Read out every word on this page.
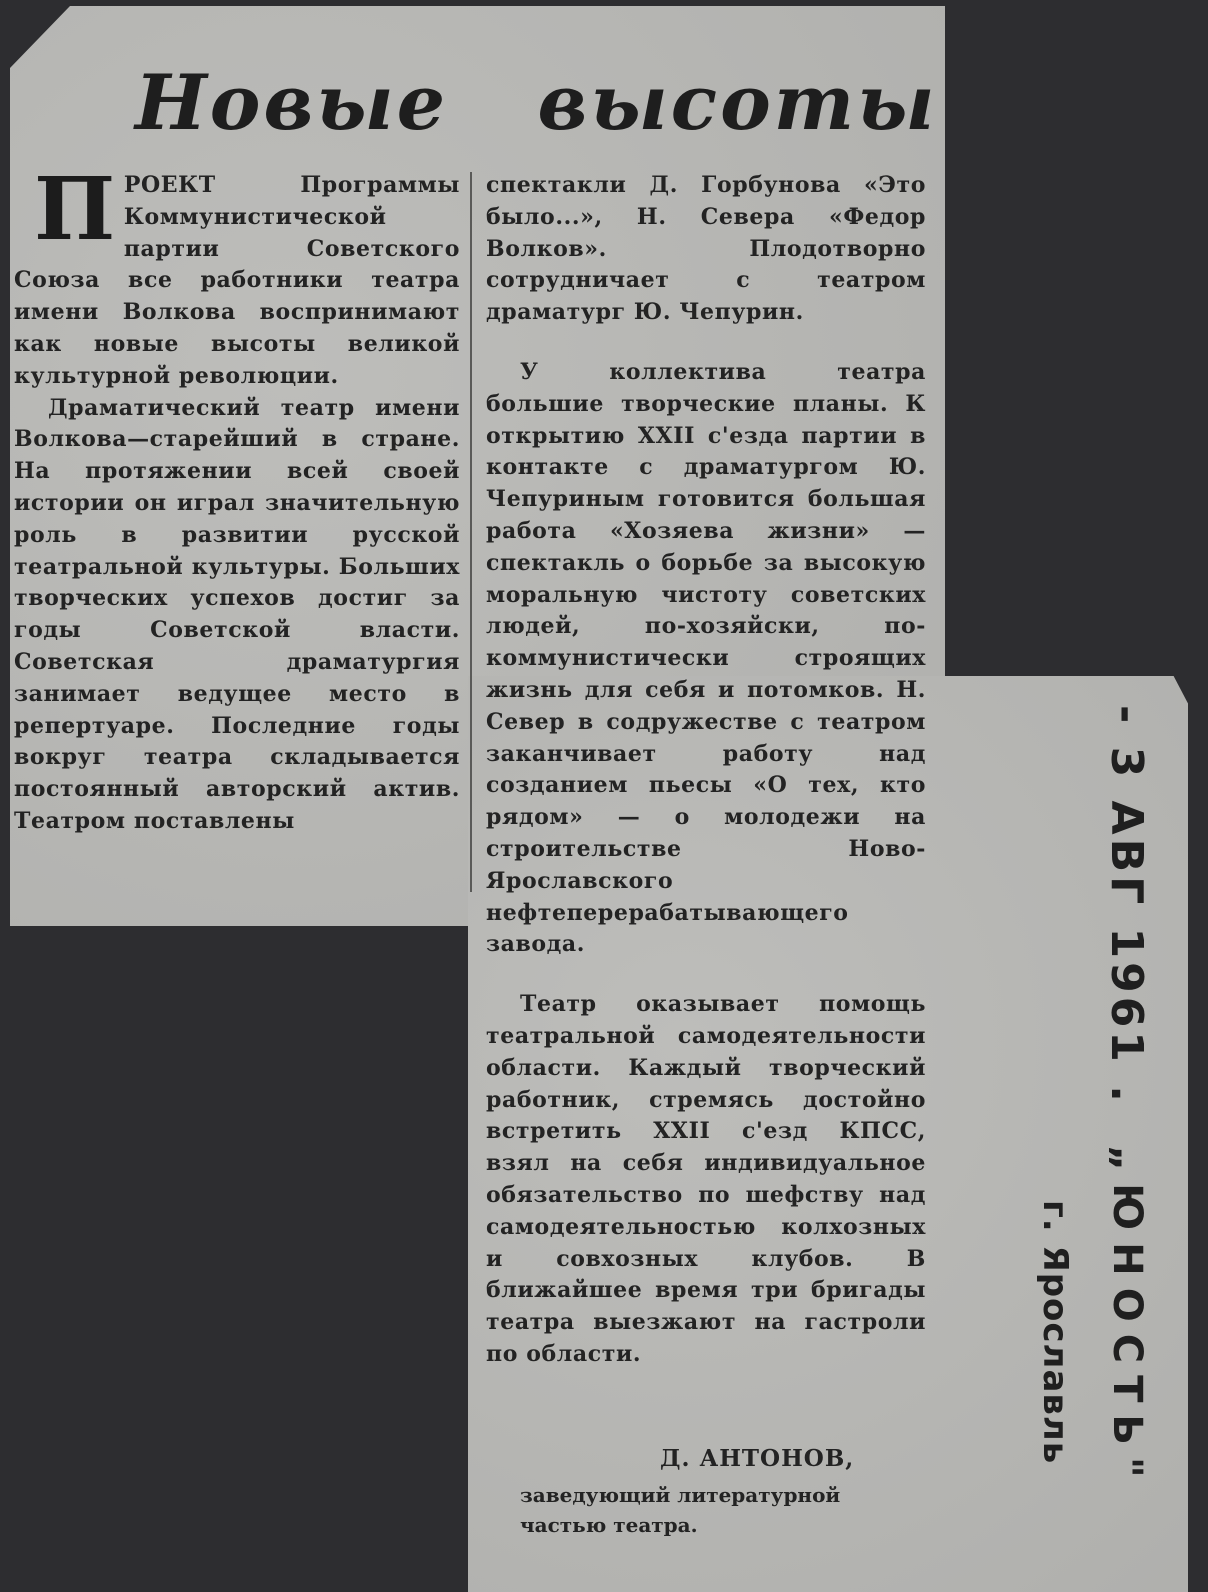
Новые высоты
П РОЕКТ Программы Коммунистической партии Советского Союза все работники театра имени Волкова воспринимают как новые высоты великой культурной революции.

Драматический театр имени Волкова—старейший в стране. На протяжении всей своей истории он играл значительную роль в развитии русской театральной культуры. Больших творческих успехов достиг за годы Советской власти. Советская драматургия занимает ведущее место в репертуаре. Последние годы вокруг театра складывается постоянный авторский актив. Театром поставлены

спектакли Д. Горбунова «Это было...», Н. Севера «Федор Волков». Плодотворно сотрудничает с театром драматург Ю. Чепурин.

У коллектива театра большие творческие планы. К открытию XXII с'езда партии в контакте с драматургом Ю. Чепуриным готовится большая работа «Хозяева жизни» — спектакль о борьбе за высокую моральную чистоту советских людей, по-хозяйски, по-коммунистически строящих жизнь для себя и потомков. Н. Север в содружестве с театром заканчивает работу над созданием пьесы «О тех, кто рядом» — о молодежи на строительстве Ново-Ярославского нефтеперерабатывающего завода.

Театр оказывает помощь театральной самодеятельности области. Каждый творческий работник, стремясь достойно встретить XXII с'езд КПСС, взял на себя индивидуальное обязательство по шефству над самодеятельностью колхозных и совхозных клубов. В ближайшее время три бригады театра выезжают на гастроли по области.

Д. АНТОНОВ,
заведующий литературной частью театра.
- 3 АВГ 1961 .
„ЮНОСТЬ"
г. Ярославль
